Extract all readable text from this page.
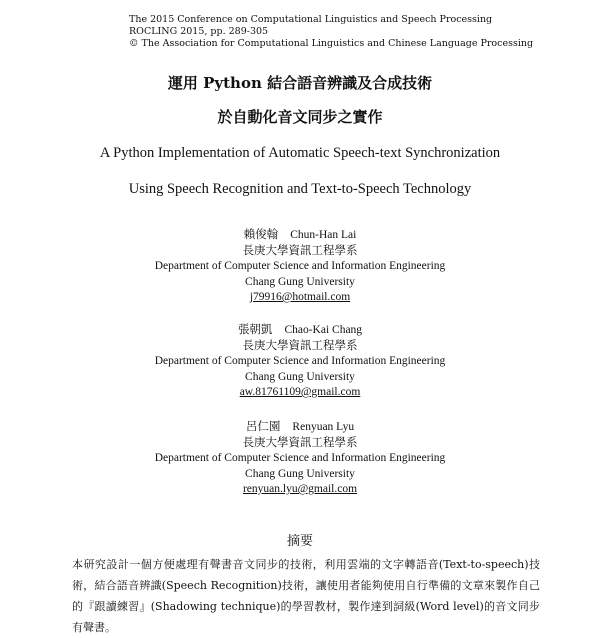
The 2015 Conference on Computational Linguistics and Speech Processing
ROCLING 2015, pp. 289-305
© The Association for Computational Linguistics and Chinese Language Processing
運用 Python 結合語音辨識及合成技術
於自動化音文同步之實作
A Python Implementation of Automatic Speech-text Synchronization
Using Speech Recognition and Text-to-Speech Technology
賴俊翰 Chun-Han Lai
長庚大學資訊工程學系
Department of Computer Science and Information Engineering
Chang Gung University
j79916@hotmail.com
張朝凱 Chao-Kai Chang
長庚大學資訊工程學系
Department of Computer Science and Information Engineering
Chang Gung University
aw.81761109@gmail.com
呂仁園 Renyuan Lyu
長庚大學資訊工程學系
Department of Computer Science and Information Engineering
Chang Gung University
renyuan.lyu@gmail.com
摘要

本研究設計一個方便處理有聲書音文同步的技術，利用雲端的文字轉語音(Text-to-speech)技術，結合語音辨識(Speech Recognition)技術，讓使用者能夠使用自行準備的文章來製作自己的『跟讀練習』(Shadowing technique)的學習教材，製作達到詞級(Word level)的音文同步有聲書。
